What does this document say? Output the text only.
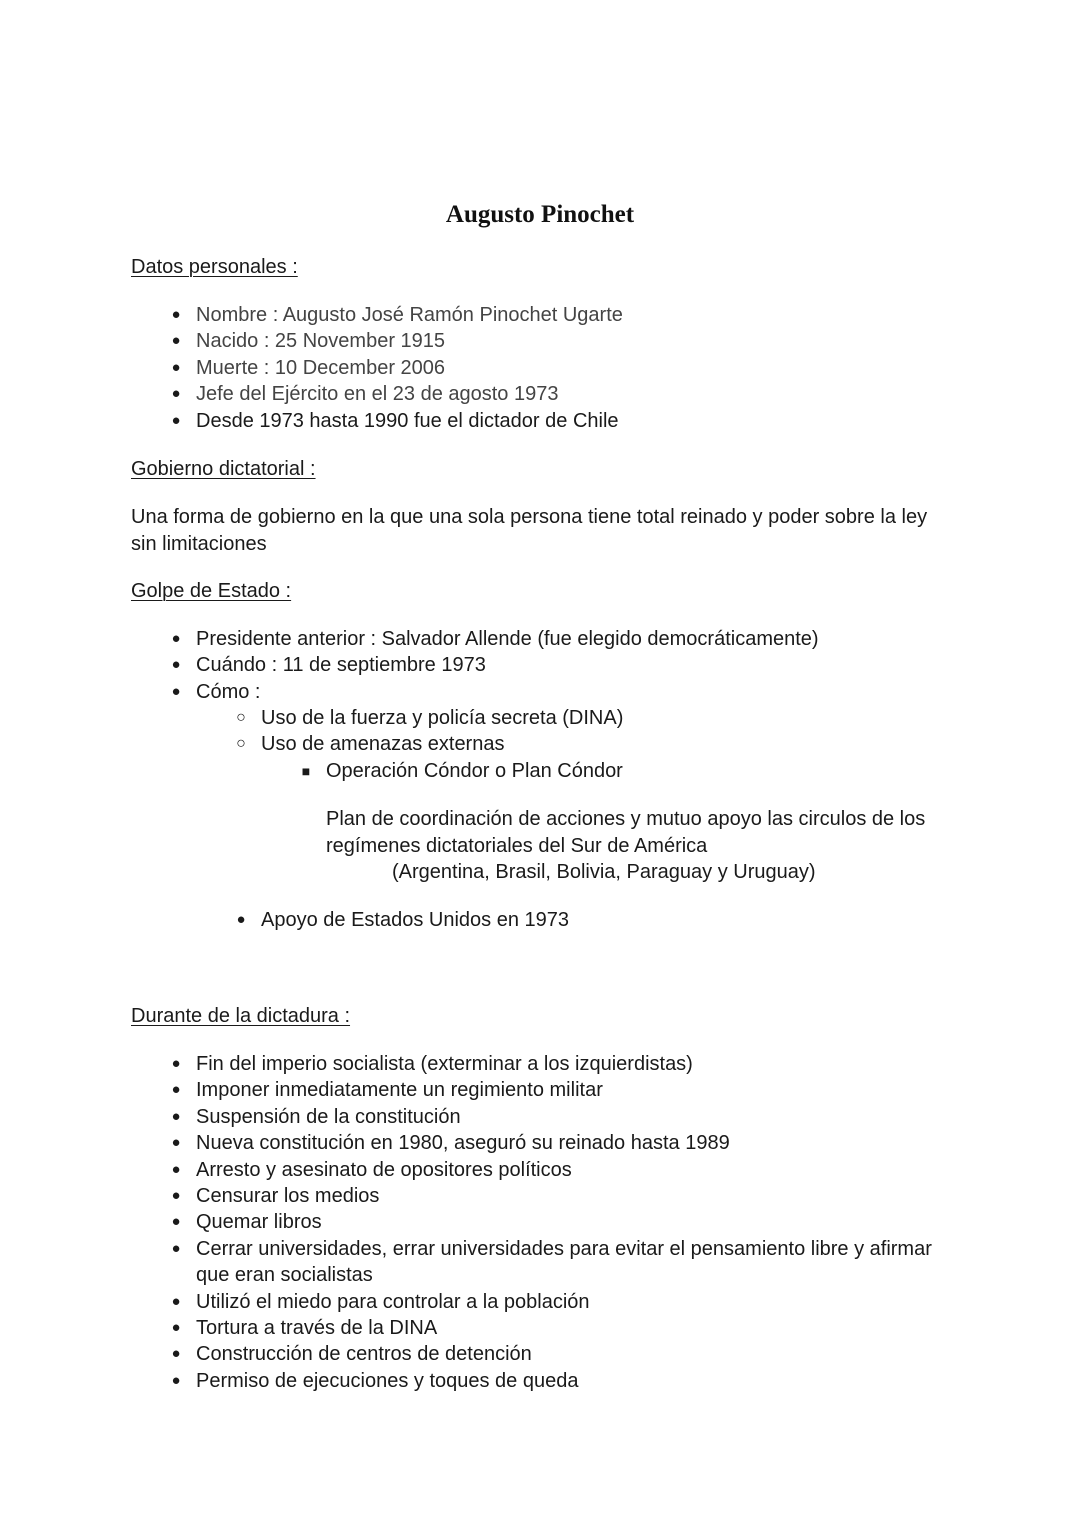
Augusto Pinochet
Datos personales :
● Nombre : Augusto José Ramón Pinochet Ugarte
● Nacido : 25 November 1915
● Muerte : 10 December 2006
● Jefe del Ejército en el 23 de agosto 1973
● Desde 1973 hasta 1990 fue el dictador de Chile
Gobierno dictatorial :
Una forma de gobierno en la que una sola persona tiene total reinado y poder sobre la ley sin limitaciones
Golpe de Estado :
● Presidente anterior : Salvador Allende (fue elegido democráticamente)
● Cuándo : 11 de septiembre 1973
● Cómo :
○ Uso de la fuerza y policía secreta (DINA)
○ Uso de amenazas externas
■ Operación Cóndor o Plan Cóndor
Plan de coordinación de acciones y mutuo apoyo las circulos de los regímenes dictatoriales del Sur de América
(Argentina, Brasil, Bolivia, Paraguay y Uruguay)
● Apoyo de Estados Unidos en 1973
Durante de la dictadura :
● Fin del imperio socialista (exterminar a los izquierdistas)
● Imponer inmediatamente un regimiento militar
● Suspensión de la constitución
● Nueva constitución en 1980, aseguró su reinado hasta 1989
● Arresto y asesinato de opositores políticos
● Censurar los medios
● Quemar libros
● Cerrar universidades, errar universidades para evitar el pensamiento libre y afirmar que eran socialistas
● Utilizó el miedo para controlar a la población
● Tortura a través de la DINA
● Construcción de centros de detención
● Permiso de ejecuciones y toques de queda
